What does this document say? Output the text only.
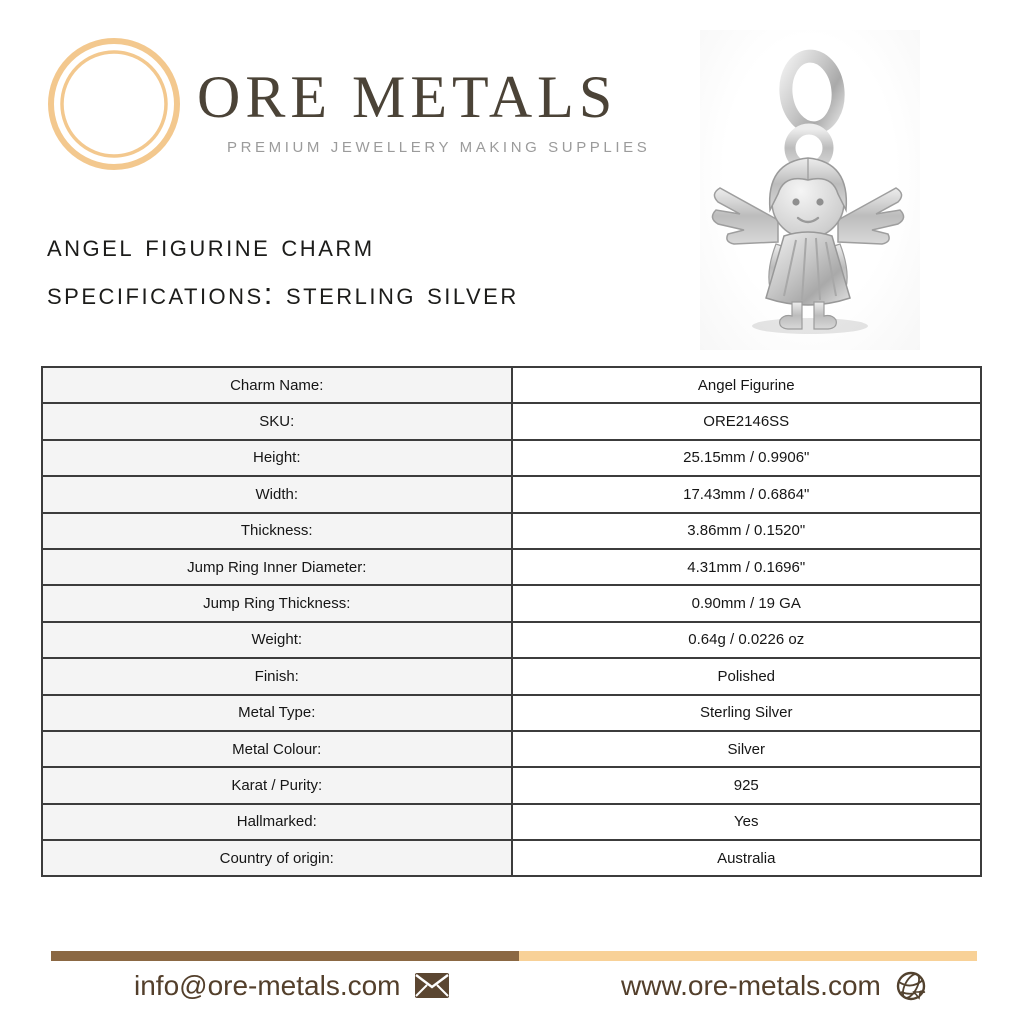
ORE METALS
PREMIUM JEWELLERY MAKING SUPPLIES
angel figurine charm
specifications: sterling silver
Charm Name:	Angel Figurine
SKU:	ORE2146SS
Height:	25.15mm / 0.9906"
Width:	17.43mm / 0.6864"
Thickness:	3.86mm / 0.1520"
Jump Ring Inner Diameter:	4.31mm / 0.1696"
Jump Ring Thickness:	0.90mm / 19 GA
Weight:	0.64g / 0.0226 oz
Finish:	Polished
Metal Type:	Sterling Silver
Metal Colour:	Silver
Karat / Purity:	925
Hallmarked:	Yes
Country of origin:	Australia
info@ore-metals.com	www.ore-metals.com
